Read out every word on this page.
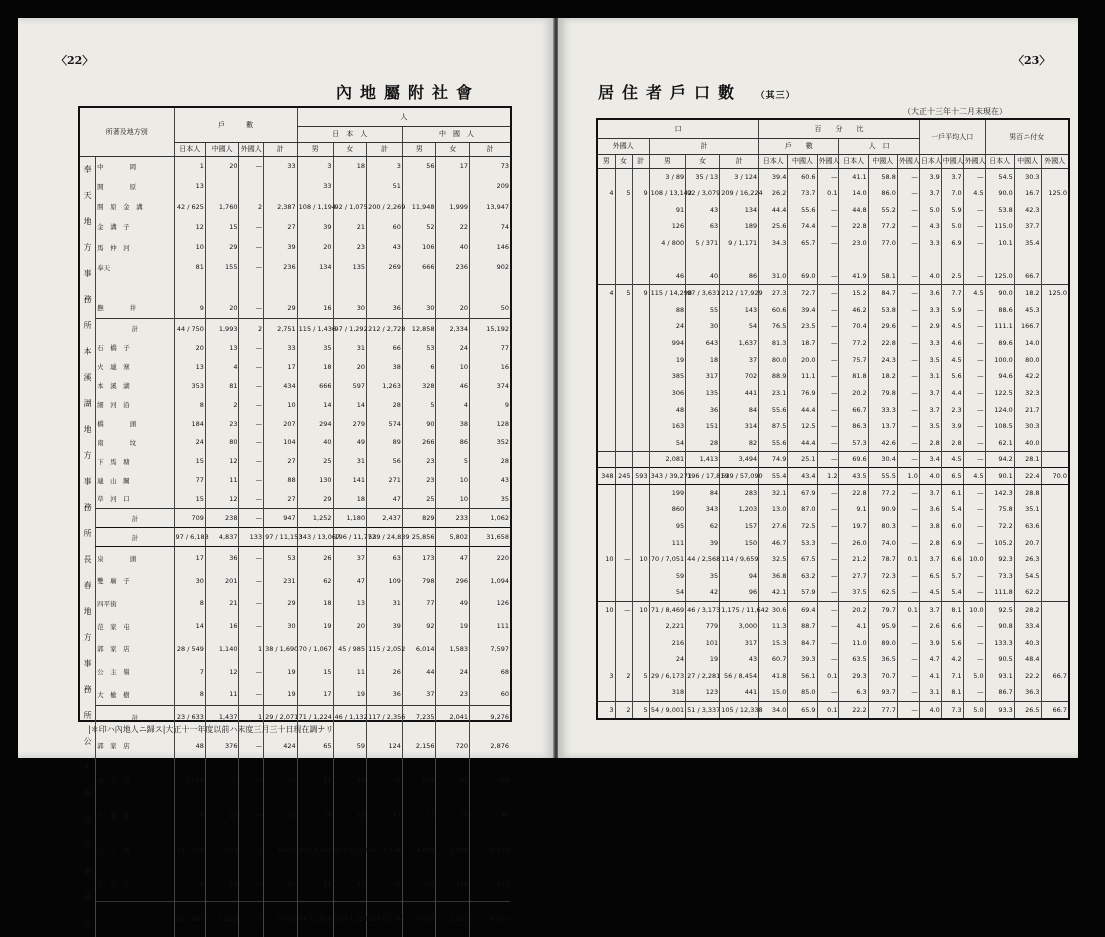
〈22〉
內地屬附社會
所著及地方別		戶　　　數				人					
						日　本　人			中　國　人		
		日本人	中國人	外國人	計	男	女	計	男	女	計
奉天地方事務所	中　　　　岡	1	20	—	33	3	18	3	56	17	73
	開　　　　原	13				33		51			209
	開　原　金　溝	42 / 625	1,760	2	2,387	108 / 1,194	92 / 1,075	200 / 2,269	11,948	1,999	13,947
	金　溝　子	12	15	—	27	39	21	60	52	22	74
	馬　仲　河	10	29	—	39	20	23	43	106	40	146
	奉天	81	155	—	236	134	135	269	666	236	902

	撫　　　　井	9	20	—	29	16	30	36	30	20	50
	計	44 / 750	1,993	2	2,751	115 / 1,436	97 / 1,292	212 / 2,728	12,858	2,334	15,192
本溪湖地方事務所	石　橋　子	20	13	—	33	35	31	66	53	24	77
	火　連　寨	13	4	—	17	18	20	38	6	10	16
	本　溪　湖	353	81	—	434	666	597	1,263	328	46	374
	細　河　沿	8	2	—	10	14	14	28	5	4	9
	橋　　　　頭	184	23	—	207	294	279	574	90	38	128
	南　　　　坟	24	80	—	104	40	49	89	266	86	352
	下　馬　塘	15	12	—	27	25	31	56	23	5	28
	連　山　關	77	11	—	88	130	141	271	23	10	43
	草　河　口	15	12	—	27	29	18	47	25	10	35
	計	709	238	—	947	1,252	1,180	2,437	829	233	1,062
	計	97 / 6,183	4,837	133	97 / 11,153	343 / 13,067	196 / 11,772	539 / 24,839	25,856	5,802	31,658
長春地方事務所	泉　　　　頭	17	36	—	53	26	37	63	173	47	220
	雙　廟　子	30	201	—	231	62	47	109	798	296	1,094
	四平街	8	21	—	29	18	13	31	77	49	126
	范　家　屯	14	16	—	30	19	20	39	92	19	111
	郭　家　店	28 / 549	1,140	1	38 / 1,690	70 / 1,067	45 / 985	115 / 2,052	6,014	1,583	7,597
	公　主　嶺	7	12	—	19	15	11	26	44	24	68
	大　楡　樹	8	11	—	19	17	19	36	37	23	60
	計	23 / 633	1,437	1	29 / 2,071	71 / 1,224	46 / 1,132	117 / 2,356	7,235	2,041	9,276
公主嶺地方事務所	郭　家　店	48	376	—	424	65	59	124	2,156	720	2,876
	秦　家　屯	1 / 50	—	—	59	15	20	35	201	81	282
	大　楡　樹	6	21	—	27	24	19	43	31	15	46
	公　主　嶺	11 / 600	834	1	1,435	29 / 1,281	27 / 1,193	56 / 2,474	4,889	1,086	5,975
	劉　房　子	9	51	—	60	15	13	28	303	110	413
	計	18 / 683	1,322	1	2,006	54 / 1,418	51 / 1,323	105 / 2,741	7,580	2,012	9,592
|＊印ハ內地人ニ歸ス|大正十一年度以前ハ末度三月三十日現在調ナリ
居住者戶口數 （其三）
〈23〉
（大正十三年十二月末現在）
口						百　　分　　比						一戶平均人口			男百ニ付女		
外國人			計			戶　　數			人　口								
男	女	計	男	女	計	日本人	中國人	外國人	日本人	中國人	外國人	日本人	中國人	外國人	日本人	中國人	外國人
			3 / 89	35 / 13	3 / 124	39.4	60.6	—	41.1	58.8	—	3.9	3.7	—	54.5	30.3	
4	5	9	108 / 13,142	92 / 3,079	209 / 16,224	26.2	73.7	0.1	14.0	86.0	—	3.7	7.0	4.5	90.0	16.7	125.0
			91	43	134	44.4	55.6	—	44.8	55.2	—	5.0	5.9	—	53.8	42.3	
			126	63	189	25.6	74.4	—	22.8	77.2	—	4.3	5.0	—	115.0	37.7	
			4 / 800	5 / 371	9 / 1,171	34.3	65.7	—	23.0	77.0	—	3.3	6.9	—	10.1	35.4	

			46	40	86	31.0	69.0	—	41.9	58.1	—	4.0	2.5	—	125.0	66.7	
4	5	9	115 / 14,298	97 / 3,631	212 / 17,929	27.3	72.7	—	15.2	84.7	—	3.6	7.7	4.5	90.0	18.2	125.0
			88	55	143	60.6	39.4	—	46.2	53.8	—	3.3	5.9	—	88.6	45.3	
			24	30	54	76.5	23.5	—	70.4	29.6	—	2.9	4.5	—	111.1	166.7	
			994	643	1,637	81.3	18.7	—	77.2	22.8	—	3.3	4.6	—	89.6	14.0	
			19	18	37	80.0	20.0	—	75.7	24.3	—	3.5	4.5	—	100.0	80.0	
			385	317	702	88.9	11.1	—	81.8	18.2	—	3.1	5.6	—	94.6	42.2	
			306	135	441	23.1	76.9	—	20.2	79.8	—	3.7	4.4	—	122.5	32.3	
			48	36	84	55.6	44.4	—	66.7	33.3	—	3.7	2.3	—	124.0	21.7	
			163	151	314	87.5	12.5	—	86.3	13.7	—	3.5	3.9	—	108.5	30.3	
			54	28	82	55.6	44.4	—	57.3	42.6	—	2.8	2.8	—	62.1	40.0	
			2,081	1,413	3,494	74.9	25.1	—	69.6	30.4	—	3.4	4.5	—	94.2	28.1	
348	245	593	343 / 39,271	196 / 17,819	539 / 57,090	55.4	43.4	1.2	43.5	55.5	1.0	4.0	6.5	4.5	90.1	22.4	70.0
			199	84	283	32.1	67.9	—	22.8	77.2	—	3.7	6.1	—	142.3	28.8	
			860	343	1,203	13.0	87.0	—	9.1	90.9	—	3.6	5.4	—	75.8	35.1	
			95	62	157	27.6	72.5	—	19.7	80.3	—	3.8	6.0	—	72.2	63.6	
			111	39	150	46.7	53.3	—	26.0	74.0	—	2.8	6.9	—	105.2	20.7	
10	—	10	70 / 7,051	44 / 2,568	114 / 9,659	32.5	67.5	—	21.2	78.7	0.1	3.7	6.6	10.0	92.3	26.3	
			59	35	94	36.8	63.2	—	27.7	72.3	—	6.5	5.7	—	73.3	54.5	
			54	42	96	42.1	57.9	—	37.5	62.5	—	4.5	5.4	—	111.8	62.2	
10	—	10	71 / 8,469	46 / 3,173	1,175 / 11,642	30.6	69.4	—	20.2	79.7	0.1	3.7	8.1	10.0	92.5	28.2	
			2,221	779	3,000	11.3	88.7	—	4.1	95.9	—	2.6	6.6	—	90.8	33.4	
			216	101	317	15.3	84.7	—	11.0	89.0	—	3.9	5.6	—	133.3	40.3	
			24	19	43	60.7	39.3	—	63.5	36.5	—	4.7	4.2	—	90.5	48.4	
3	2	5	29 / 6,173	27 / 2,281	56 / 8,454	41.8	56.1	0.1	29.3	70.7	—	4.1	7.1	5.0	93.1	22.2	66.7
			318	123	441	15.0	85.0	—	6.3	93.7	—	3.1	8.1	—	86.7	36.3	
3	2	5	54 / 9,001	51 / 3,337	105 / 12,338	34.0	65.9	0.1	22.2	77.7	—	4.0	7.3	5.0	93.3	26.5	66.7
